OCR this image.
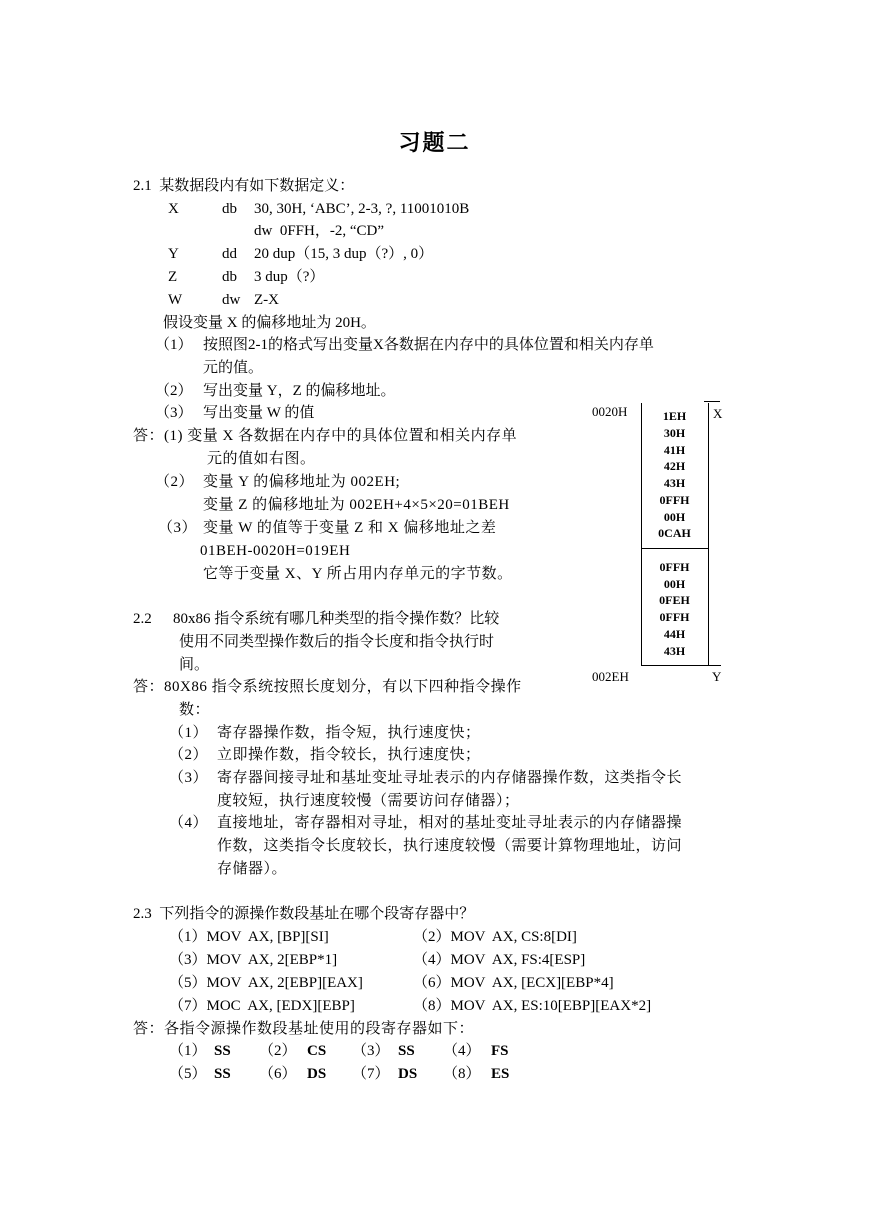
习题二
2.1  某数据段内有如下数据定义：
X	db 30, 30H, ‘ABC’, 2-3, ?, 11001010B
dw  0FFH，-2, “CD”
Y	dd 20 dup（15, 3 dup（?）, 0）
Z	db 3 dup（?）
W	dw Z-X
假设变量 X 的偏移地址为 20H。
（1） 按照图2-1的格式写出变量X各数据在内存中的具体位置和相关内存单
元的值。
（2） 写出变量 Y，Z 的偏移地址。
（3） 写出变量 W 的值
答：(1) 变量 X 各数据在内存中的具体位置和相关内存单
元的值如右图。
（2） 变量 Y 的偏移地址为 002EH;
变量 Z 的偏移地址为 002EH+4×5×20=01BEH
（3） 变量 W 的值等于变量 Z 和 X 偏移地址之差
01BEH-0020H=019EH
它等于变量 X、Y 所占用内存单元的字节数。
0020H	X
002EH	Y
1EH
30H
41H
42H
43H
0FFH
00H
0CAH
0FFH
00H
0FEH
0FFH
44H
43H
2.2 80x86 指令系统有哪几种类型的指令操作数？比较
使用不同类型操作数后的指令长度和指令执行时
间。
答：80X86 指令系统按照长度划分，有以下四种指令操作
数：
（1） 寄存器操作数，指令短，执行速度快；
（2） 立即操作数，指令较长，执行速度快；
（3） 寄存器间接寻址和基址变址寻址表示的内存储器操作数，这类指令长
度较短，执行速度较慢（需要访问存储器）；
（4） 直接地址，寄存器相对寻址，相对的基址变址寻址表示的内存储器操
作数，这类指令长度较长，执行速度较慢（需要计算物理地址，访问
存储器）。
2.3  下列指令的源操作数段基址在哪个段寄存器中？
（1）MOV  AX, [BP][SI]	（2）MOV  AX, CS:8[DI]
（3）MOV  AX, 2[EBP*1]	（4）MOV  AX, FS:4[ESP]
（5）MOV  AX, 2[EBP][EAX]	（6）MOV  AX, [ECX][EBP*4]
（7）MOC  AX, [EDX][EBP]	（8）MOV  AX, ES:10[EBP][EAX*2]
答：各指令源操作数段基址使用的段寄存器如下：
（1） SS （2） CS （3） SS （4） FS
（5） SS （6） DS （7） DS （8） ES
